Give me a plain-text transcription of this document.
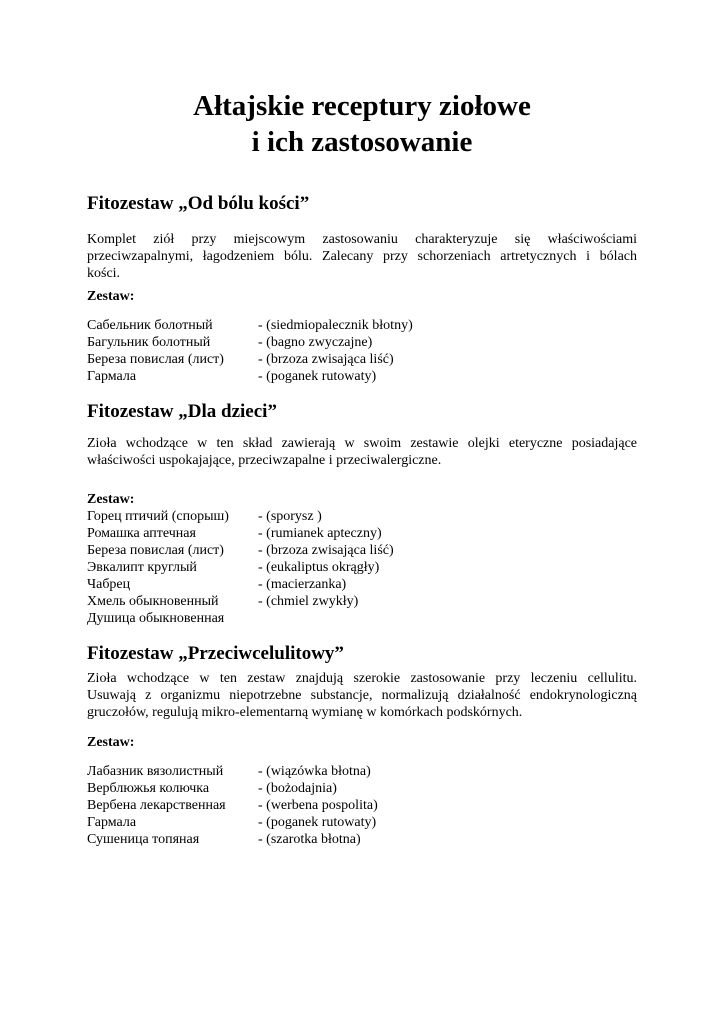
Ałtajskie receptury ziołowe
i ich zastosowanie
Fitozestaw „Od bólu kości”
Komplet ziół przy miejscowym zastosowaniu charakteryzuje się właściwościami
przeciwzapalnymi, łagodzeniem bólu. Zalecany przy schorzeniach artretycznych i bólach
kości.
Zestaw:
Сабельник болотный	- (siedmiopalecznik błotny)
Багульник болотный	- (bagno zwyczajne)
Береза повислая (лист) - (brzoza zwisająca liść)
Гармала	- (poganek rutowaty)
Fitozestaw „Dla dzieci”
Zioła wchodzące w ten skład zawierają w swoim zestawie olejki eteryczne posiadające
właściwości uspokajające, przeciwzapalne i przeciwalergiczne.
Zestaw:
Горец птичий (спорыш) - (sporysz )
Ромашка аптечная	- (rumianek apteczny)
Береза повислая (лист) - (brzoza zwisająca liść)
Эвкалипт круглый	- (eukaliptus okrągły)
Чабрец	- (macierzanka)
Хмель обыкновенный	- (chmiel zwykły)
Душица обыкновенная
Fitozestaw „Przeciwcelulitowy”
Zioła wchodzące w ten zestaw znajdują szerokie zastosowanie przy leczeniu cellulitu.
Usuwają z organizmu niepotrzebne substancje, normalizują działalność endokrynologiczną
gruczołów, regulują mikro-elementarną wymianę w komórkach podskórnych.
Zestaw:
Лабазник вязолистный - (wiązówka błotna)
Верблюжья колючка	- (bożodajnia)
Вербена лекарственная - (werbena pospolita)
Гармала	- (poganek rutowaty)
Сушеница топяная	- (szarotka błotna)
